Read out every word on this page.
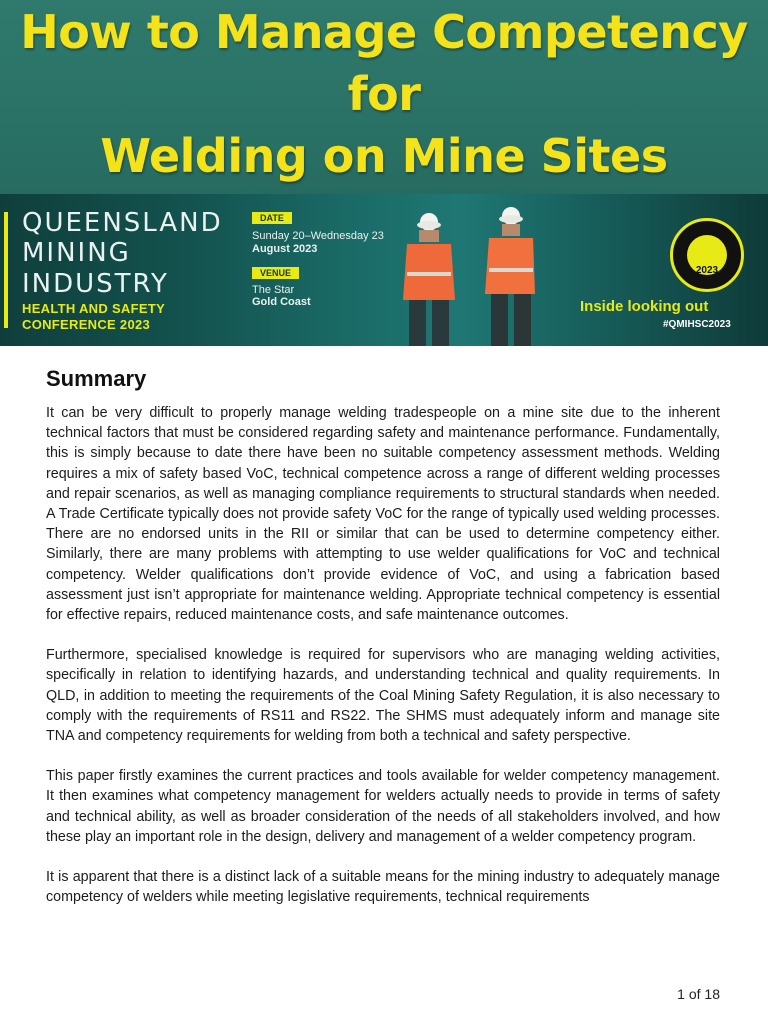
How to Manage Competency
for
Welding on Mine Sites
QUEENSLAND
MINING
INDUSTRY
HEALTH AND SAFETY
CONFERENCE 2023
DATE
Sunday 20–Wednesday 23
August 2023
VENUE
The Star
Gold Coast
2023
Inside looking out
#QMIHSC2023
Summary

It can be very difficult to properly manage welding tradespeople on a mine site due to the inherent technical factors that must be considered regarding safety and maintenance performance. Fundamentally, this is simply because to date there have been no suitable competency assessment methods. Welding requires a mix of safety based VoC, technical competence across a range of different welding processes and repair scenarios, as well as managing compliance requirements to structural standards when needed. A Trade Certificate typically does not provide safety VoC for the range of typically used welding processes. There are no endorsed units in the RII or similar that can be used to determine competency either. Similarly, there are many problems with attempting to use welder qualifications for VoC and technical competency. Welder qualifications don’t provide evidence of VoC, and using a fabrication based assessment just isn’t appropriate for maintenance welding. Appropriate technical competency is essential for effective repairs, reduced maintenance costs, and safe maintenance outcomes.

Furthermore, specialised knowledge is required for supervisors who are managing welding activities, specifically in relation to identifying hazards, and understanding technical and quality requirements. In QLD, in addition to meeting the requirements of the Coal Mining Safety Regulation, it is also necessary to comply with the requirements of RS11 and RS22. The SHMS must adequately inform and manage site TNA and competency requirements for welding from both a technical and safety perspective.

This paper firstly examines the current practices and tools available for welder competency management. It then examines what competency management for welders actually needs to provide in terms of safety and technical ability, as well as broader consideration of the needs of all stakeholders involved, and how these play an important role in the design, delivery and management of a welder competency program.

It is apparent that there is a distinct lack of a suitable means for the mining industry to adequately manage competency of welders while meeting legislative requirements, technical requirements

1 of 18
